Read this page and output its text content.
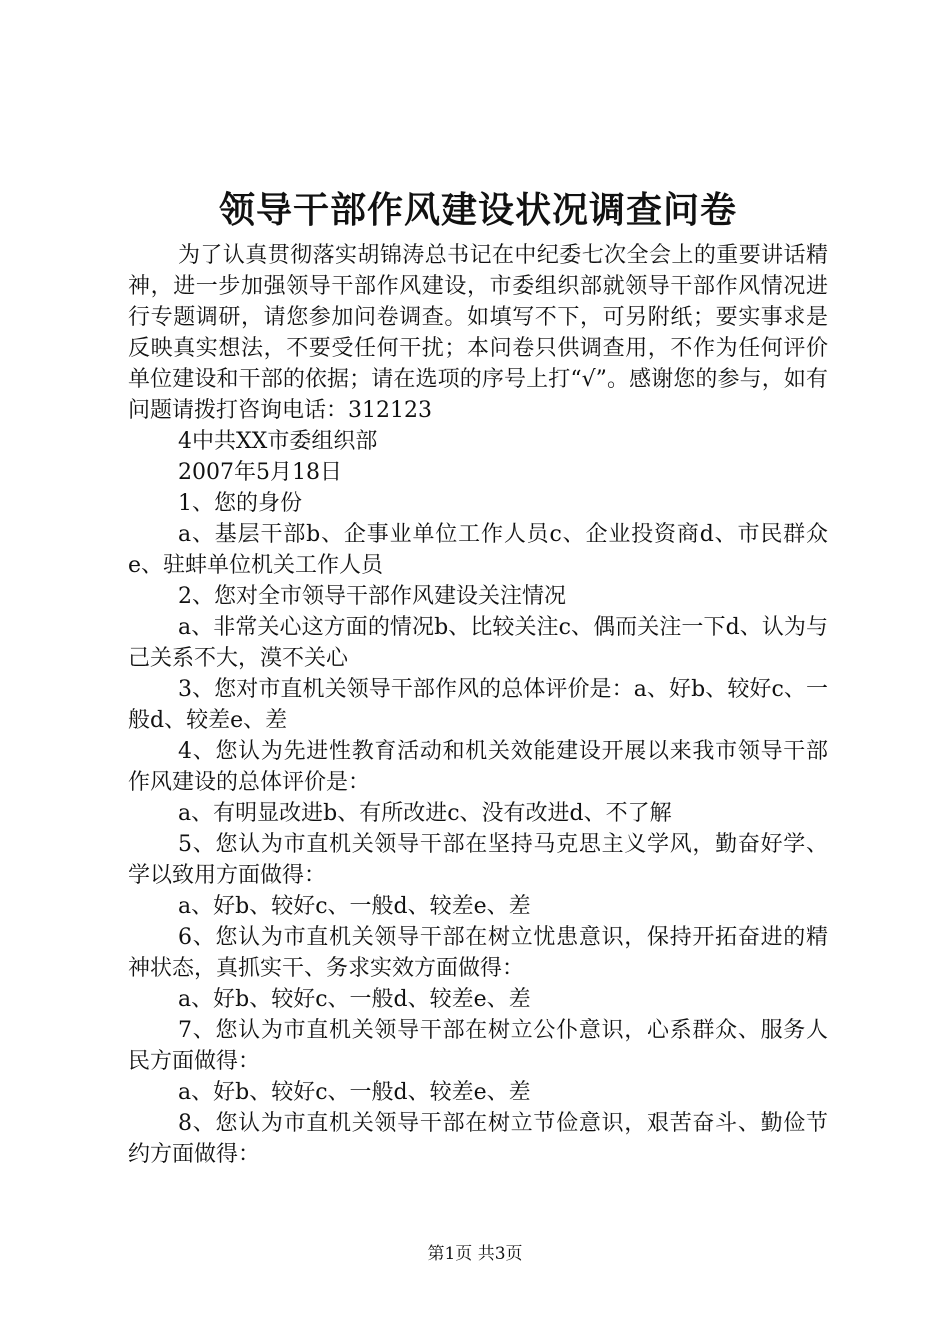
领导干部作风建设状况调查问卷

为了认真贯彻落实胡锦涛总书记在中纪委七次全会上的重要讲话精神，进一步加强领导干部作风建设，市委组织部就领导干部作风情况进行专题调研，请您参加问卷调查。如填写不下，可另附纸；要实事求是反映真实想法，不要受任何干扰；本问卷只供调查用，不作为任何评价单位建设和干部的依据；请在选项的序号上打“√”。感谢您的参与，如有问题请拨打咨询电话：312123

4中共XX市委组织部

2007年5月18日

1、您的身份

a、基层干部b、企事业单位工作人员c、企业投资商d、市民群众e、驻蚌单位机关工作人员

2、您对全市领导干部作风建设关注情况

a、非常关心这方面的情况b、比较关注c、偶而关注一下d、认为与己关系不大，漠不关心

3、您对市直机关领导干部作风的总体评价是：a、好b、较好c、一般d、较差e、差

4、您认为先进性教育活动和机关效能建设开展以来我市领导干部作风建设的总体评价是：

a、有明显改进b、有所改进c、没有改进d、不了解

5、您认为市直机关领导干部在坚持马克思主义学风，勤奋好学、学以致用方面做得：

a、好b、较好c、一般d、较差e、差

6、您认为市直机关领导干部在树立忧患意识，保持开拓奋进的精神状态，真抓实干、务求实效方面做得：

a、好b、较好c、一般d、较差e、差

7、您认为市直机关领导干部在树立公仆意识，心系群众、服务人民方面做得：

a、好b、较好c、一般d、较差e、差

8、您认为市直机关领导干部在树立节俭意识，艰苦奋斗、勤俭节约方面做得：

第1页 共3页
